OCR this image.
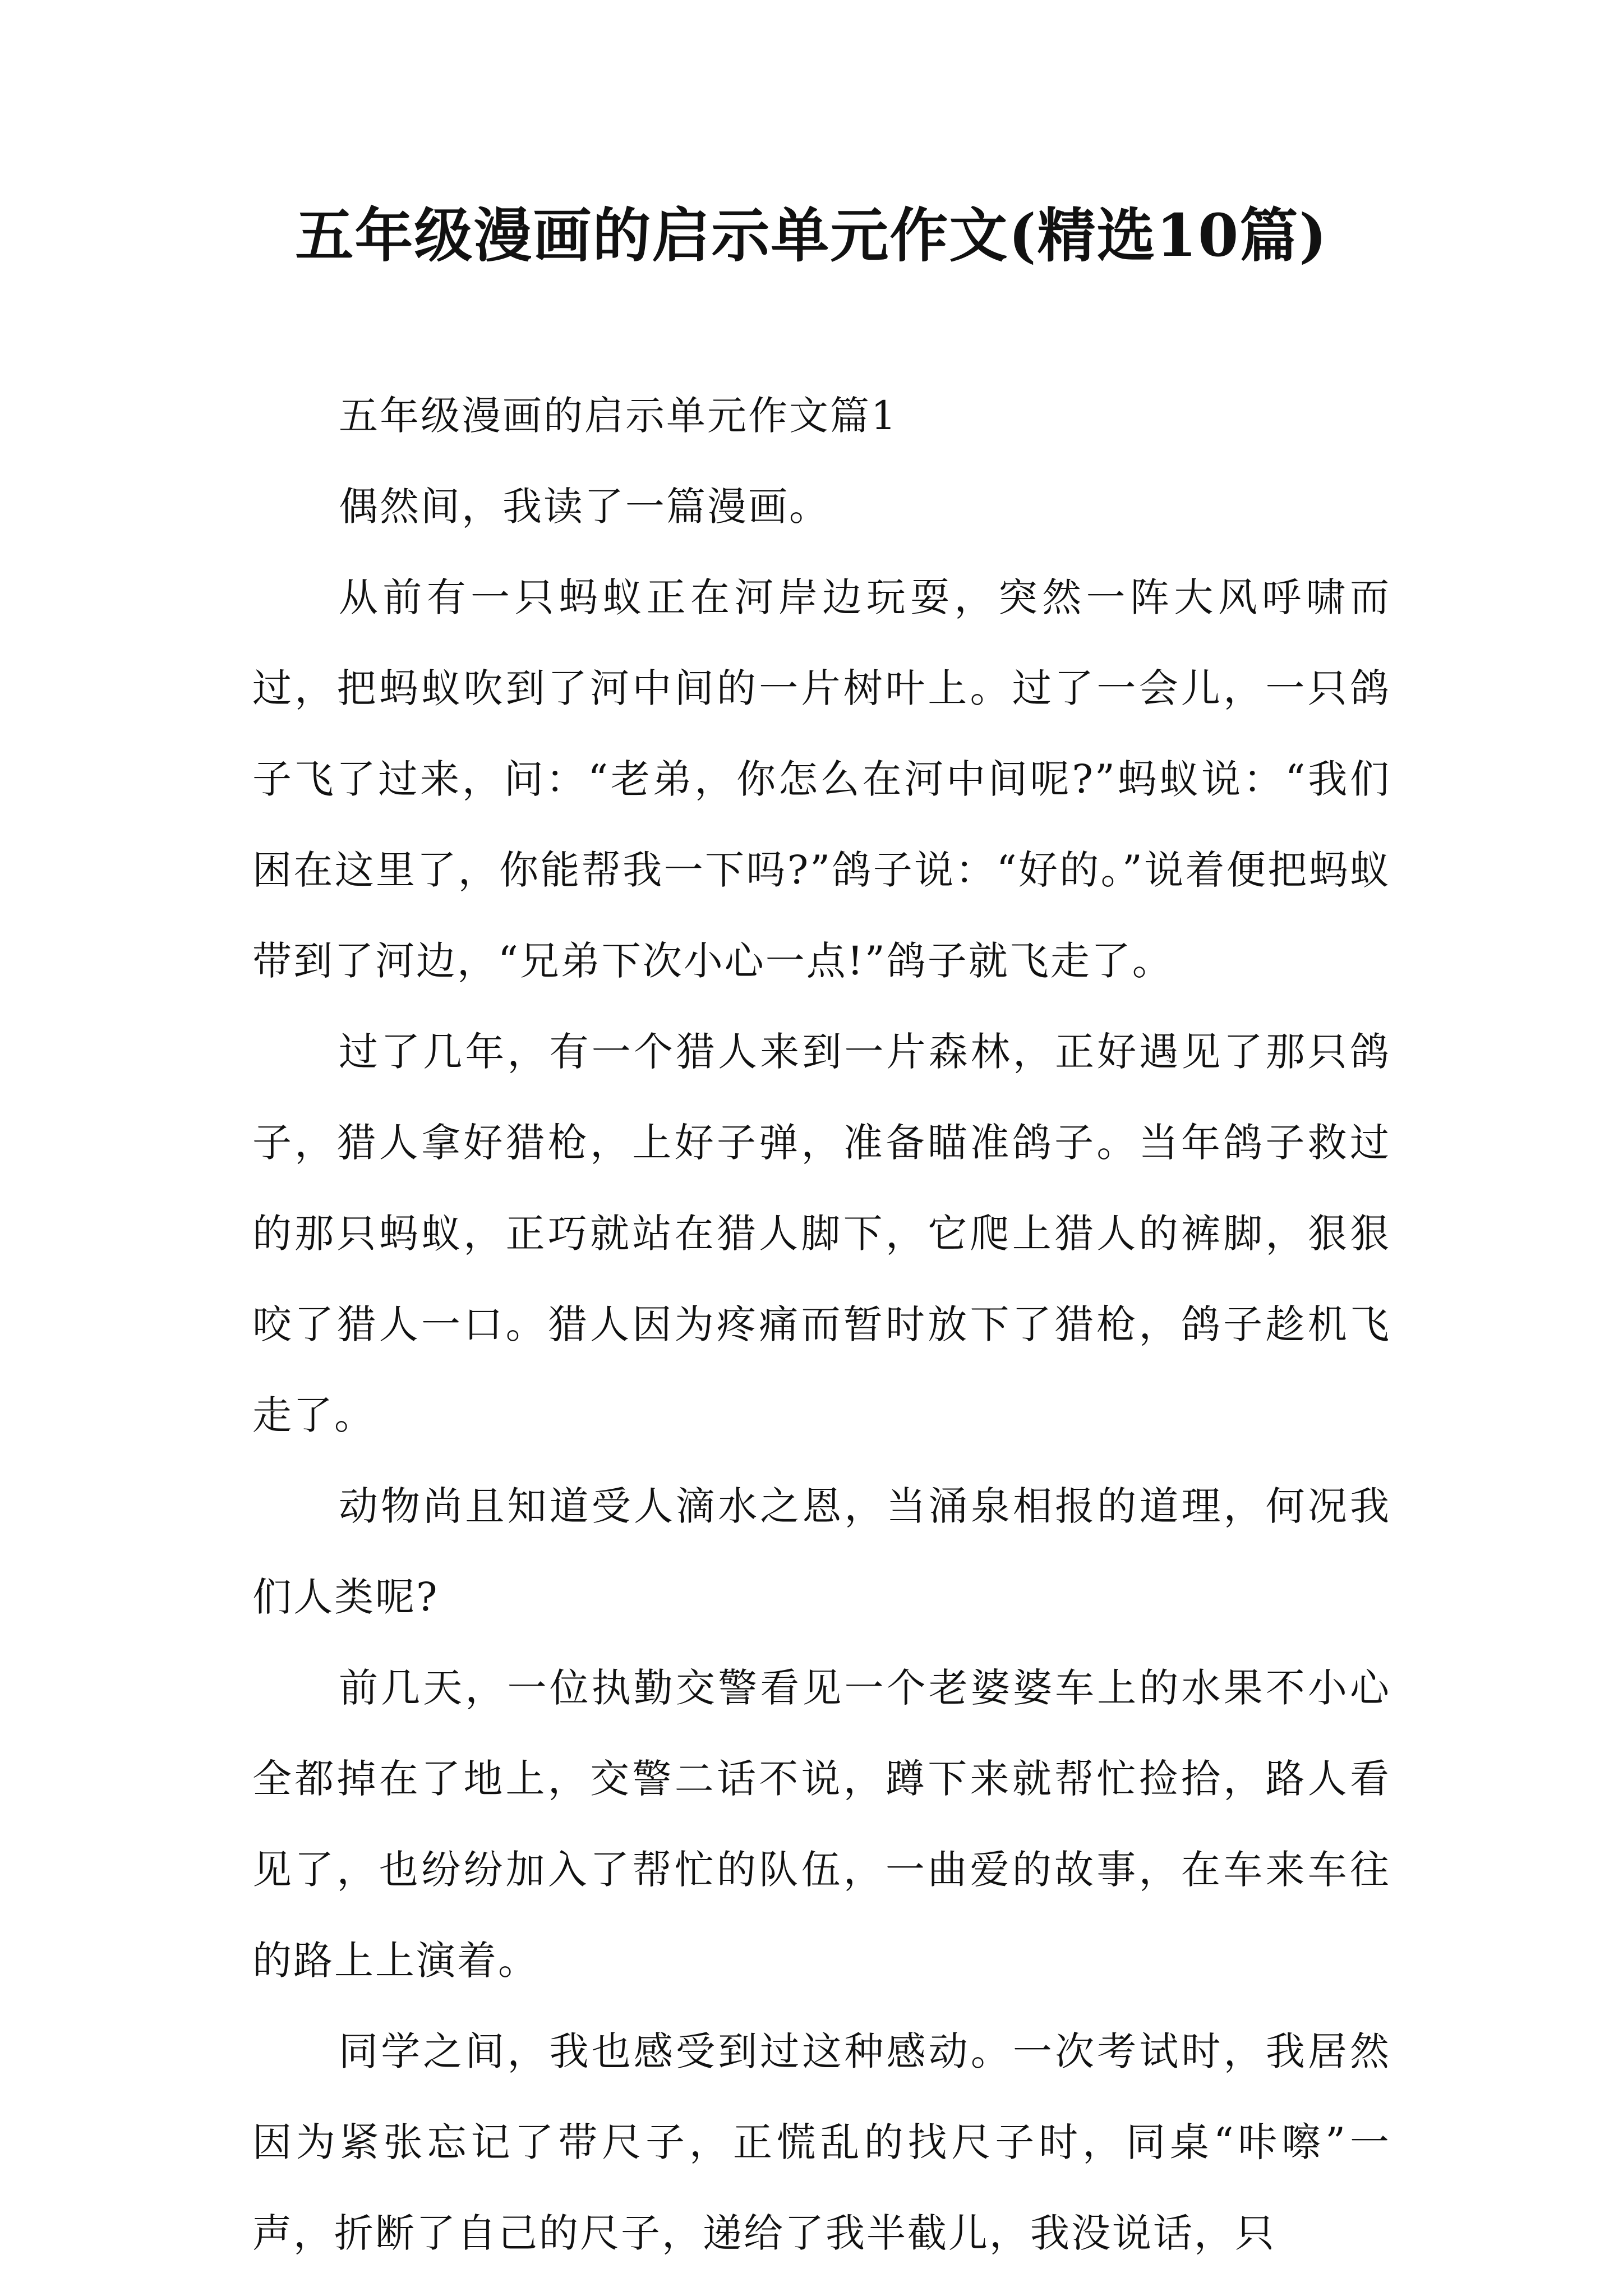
五年级漫画的启示单元作文(精选10篇)

五年级漫画的启示单元作文篇1

偶然间，我读了一篇漫画。

从前有一只蚂蚁正在河岸边玩耍，突然一阵大风呼啸而过，把蚂蚁吹到了河中间的一片树叶上。过了一会儿，一只鸽子飞了过来，问：“老弟，你怎么在河中间呢?”蚂蚁说：“我们困在这里了，你能帮我一下吗?”鸽子说：“好的。”说着便把蚂蚁带到了河边，“兄弟下次小心一点!”鸽子就飞走了。

过了几年，有一个猎人来到一片森林，正好遇见了那只鸽子，猎人拿好猎枪，上好子弹，准备瞄准鸽子。当年鸽子救过的那只蚂蚁，正巧就站在猎人脚下，它爬上猎人的裤脚，狠狠咬了猎人一口。猎人因为疼痛而暂时放下了猎枪，鸽子趁机飞走了。

动物尚且知道受人滴水之恩，当涌泉相报的道理，何况我们人类呢?

前几天，一位执勤交警看见一个老婆婆车上的水果不小心全都掉在了地上，交警二话不说，蹲下来就帮忙捡拾，路人看见了，也纷纷加入了帮忙的队伍，一曲爱的故事，在车来车往的路上上演着。

同学之间，我也感受到过这种感动。一次考试时，我居然因为紧张忘记了带尺子，正慌乱的找尺子时，同桌“咔嚓”一声，折断了自己的尺子，递给了我半截儿，我没说话，只
